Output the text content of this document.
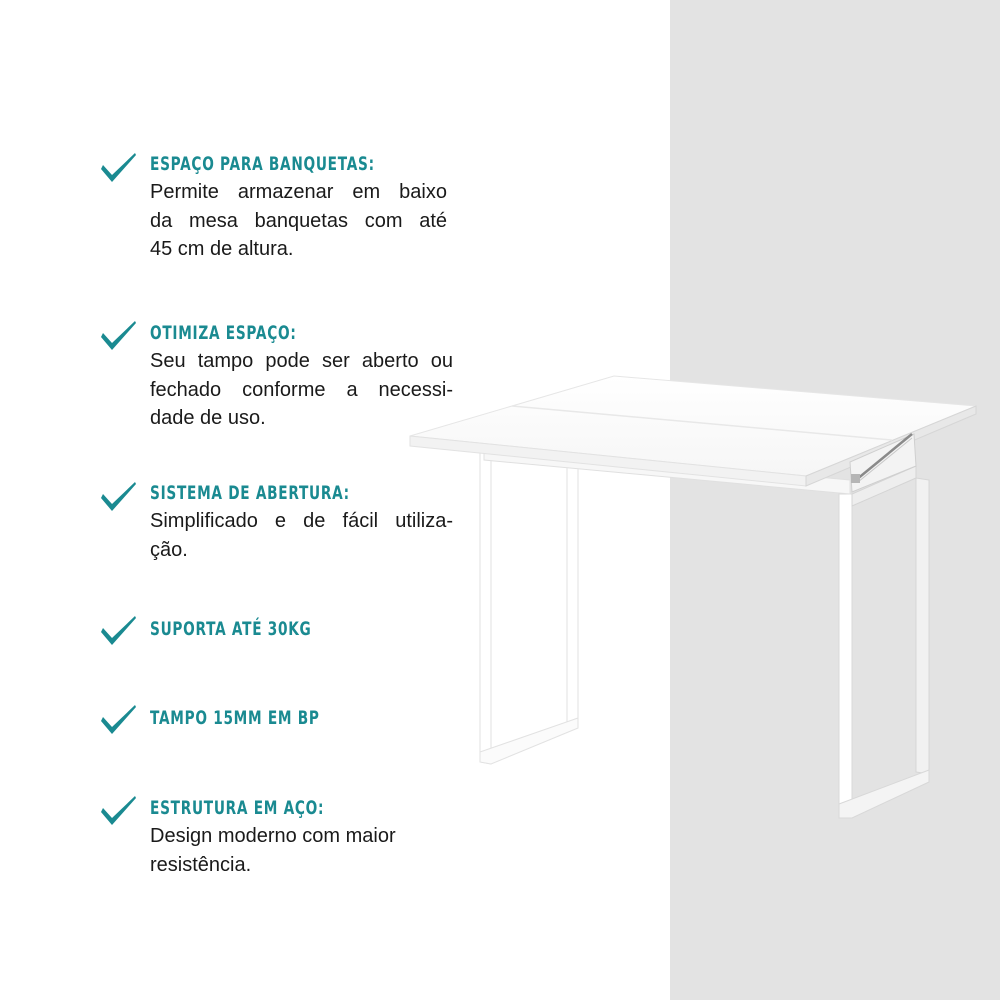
ESPAÇO PARA BANQUETAS:
Permite armazenar em baixo
da mesa banquetas com até
45 cm de altura.
OTIMIZA ESPAÇO:
Seu tampo pode ser aberto ou
fechado conforme a necessi-
dade de uso.
SISTEMA DE ABERTURA:
Simplificado e de fácil utiliza-
ção.
SUPORTA ATÉ 30KG
TAMPO 15MM EM BP
ESTRUTURA EM AÇO:
Design moderno com maior
resistência.
